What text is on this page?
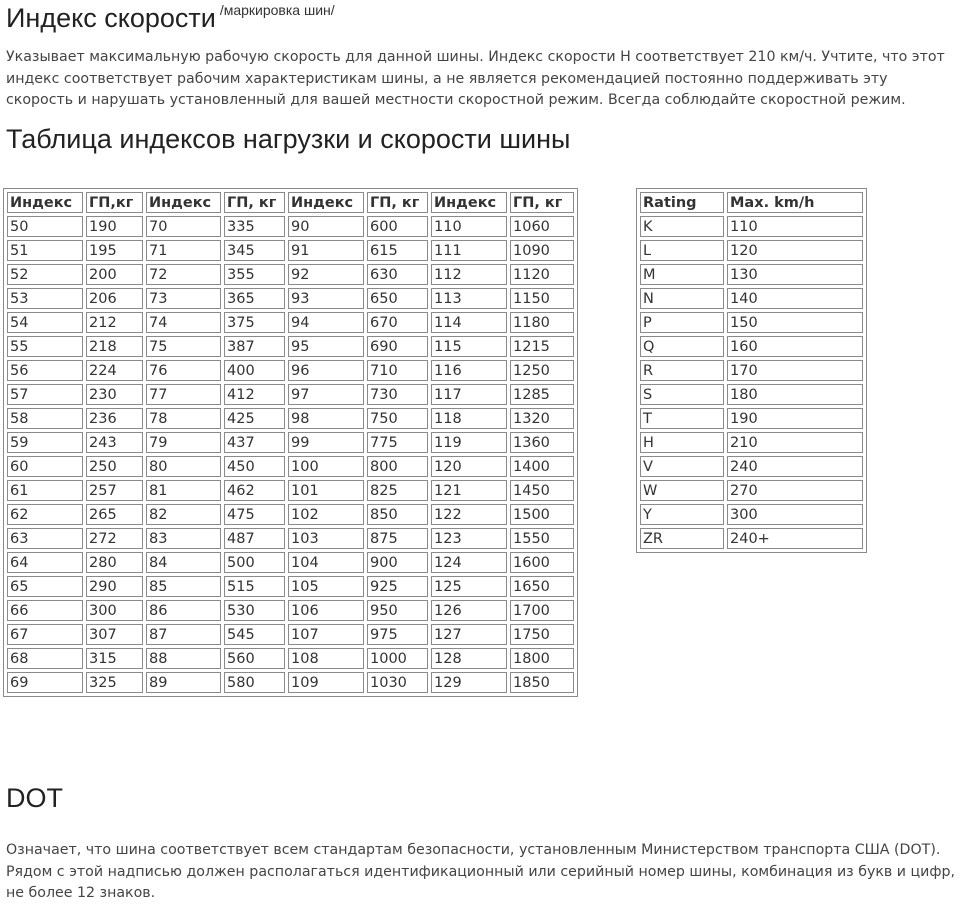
Индекс скорости $^{/маркировка шин/}$

Указывает максимальную рабочую скорость для данной шины. Индекс скорости H соответствует 210 км/ч. Учтите, что этот индекс соответствует рабочим характеристикам шины, а не является рекомендацией постоянно поддерживать эту скорость и нарушать установленный для вашей местности скоростной режим. Всегда соблюдайте скоростной режим.

Таблица индексов нагрузки и скорости шины
Индекс	ГП,кг	Индекс	ГП, кг	Индекс	ГП, кг	Индекс	ГП, кг
50	190	70	335	90	600	110	1060
51	195	71	345	91	615	111	1090
52	200	72	355	92	630	112	1120
53	206	73	365	93	650	113	1150
54	212	74	375	94	670	114	1180
55	218	75	387	95	690	115	1215
56	224	76	400	96	710	116	1250
57	230	77	412	97	730	117	1285
58	236	78	425	98	750	118	1320
59	243	79	437	99	775	119	1360
60	250	80	450	100	800	120	1400
61	257	81	462	101	825	121	1450
62	265	82	475	102	850	122	1500
63	272	83	487	103	875	123	1550
64	280	84	500	104	900	124	1600
65	290	85	515	105	925	125	1650
66	300	86	530	106	950	126	1700
67	307	87	545	107	975	127	1750
68	315	88	560	108	1000	128	1800
69	325	89	580	109	1030	129	1850
Rating	Max. km/h
K	110
L	120
M	130
N	140
P	150
Q	160
R	170
S	180
T	190
H	210
V	240
W	270
Y	300
ZR	240+
DOT

Означает, что шина соответствует всем стандартам безопасности, установленным Министерством транспорта США (DOT). Рядом с этой надписью должен располагаться идентификационный или серийный номер шины, комбинация из букв и цифр, не более 12 знаков.
